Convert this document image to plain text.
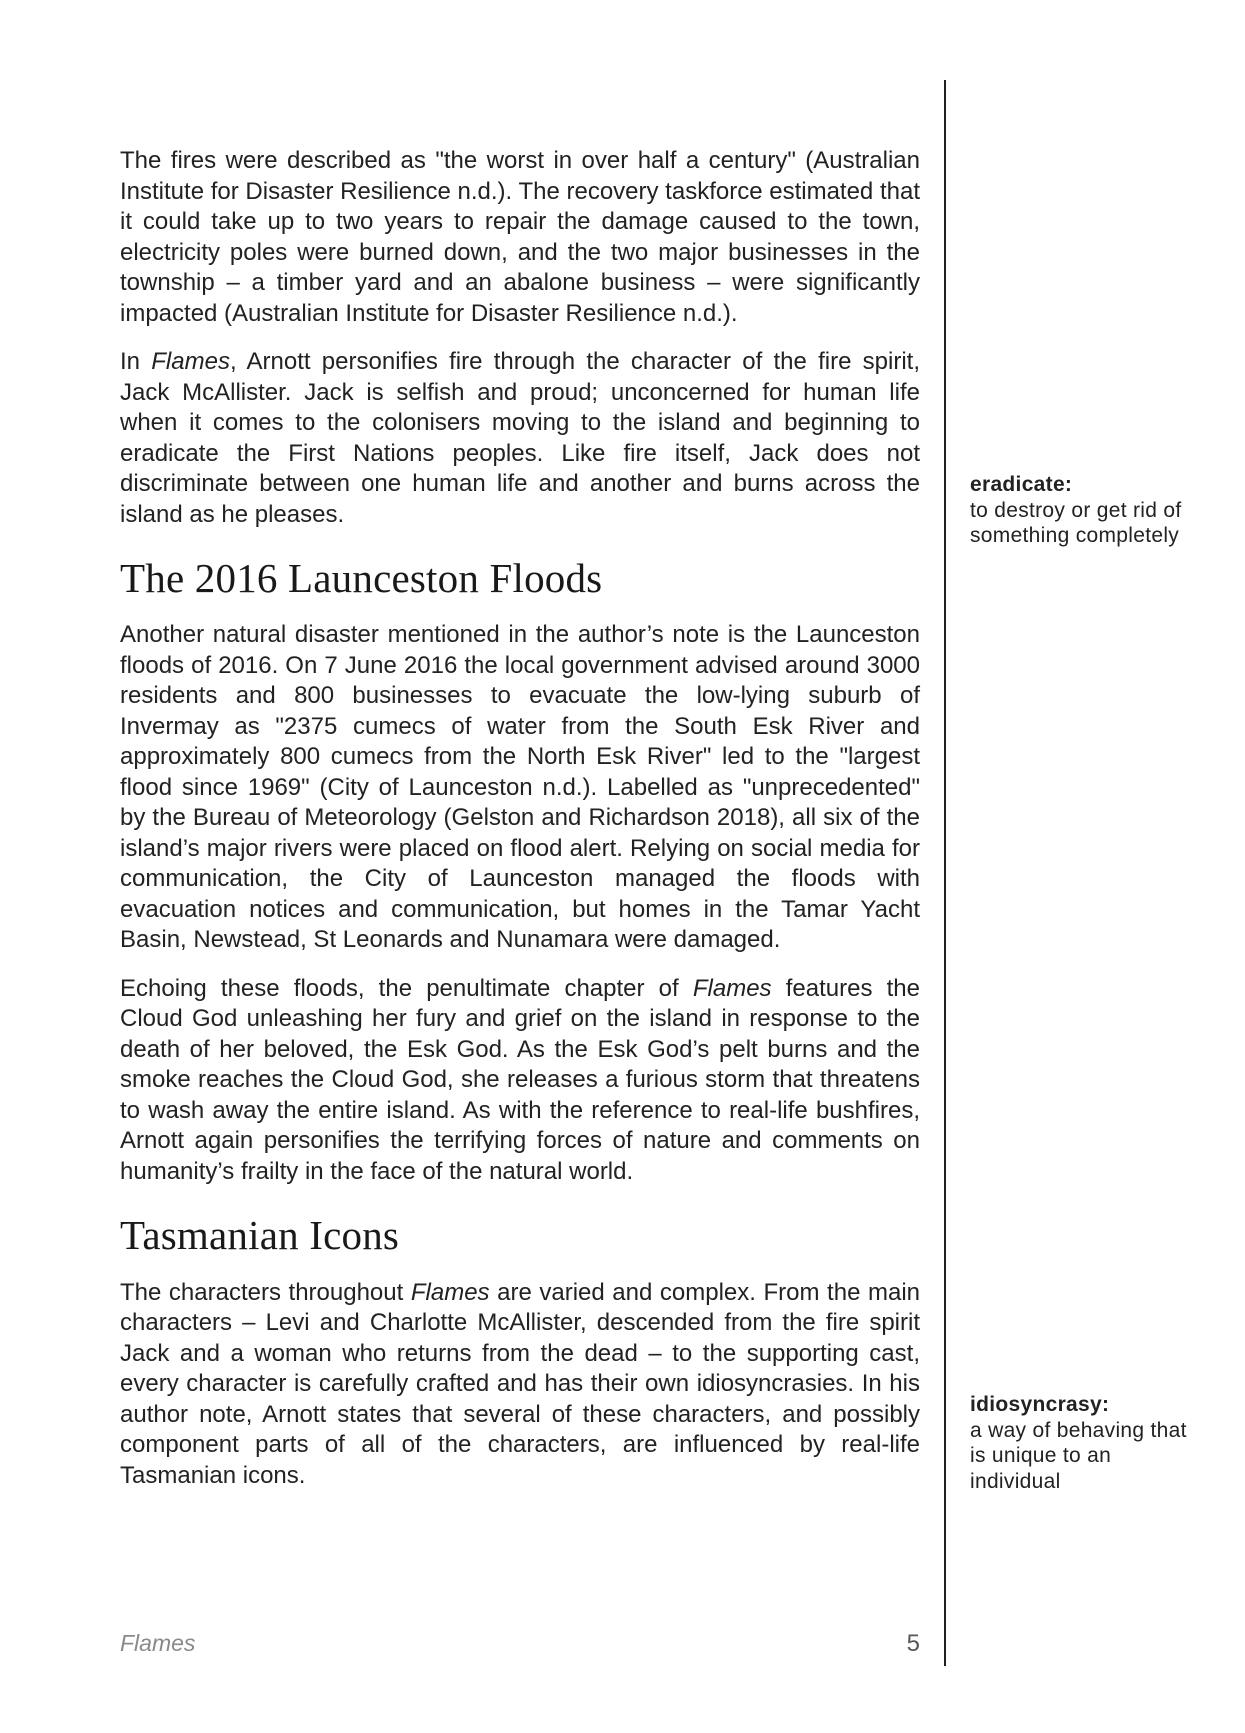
The fires were described as "the worst in over half a century" (Australian Institute for Disaster Resilience n.d.). The recovery taskforce estimated that it could take up to two years to repair the damage caused to the town, electricity poles were burned down, and the two major businesses in the township – a timber yard and an abalone business – were significantly impacted (Australian Institute for Disaster Resilience n.d.).

In Flames, Arnott personifies fire through the character of the fire spirit, Jack McAllister. Jack is selfish and proud; unconcerned for human life when it comes to the colonisers moving to the island and beginning to eradicate the First Nations peoples. Like fire itself, Jack does not discriminate between one human life and another and burns across the island as he pleases.

The 2016 Launceston Floods

Another natural disaster mentioned in the author’s note is the Launceston floods of 2016. On 7 June 2016 the local government advised around 3000 residents and 800 businesses to evacuate the low-lying suburb of Invermay as "2375 cumecs of water from the South Esk River and approximately 800 cumecs from the North Esk River" led to the "largest flood since 1969" (City of Launceston n.d.). Labelled as "unprecedented" by the Bureau of Meteorology (Gelston and Richardson 2018), all six of the island’s major rivers were placed on flood alert. Relying on social media for communication, the City of Launceston managed the floods with evacuation notices and communication, but homes in the Tamar Yacht Basin, Newstead, St Leonards and Nunamara were damaged.

Echoing these floods, the penultimate chapter of Flames features the Cloud God unleashing her fury and grief on the island in response to the death of her beloved, the Esk God. As the Esk God’s pelt burns and the smoke reaches the Cloud God, she releases a furious storm that threatens to wash away the entire island. As with the reference to real-life bushfires, Arnott again personifies the terrifying forces of nature and comments on humanity’s frailty in the face of the natural world.

Tasmanian Icons

The characters throughout Flames are varied and complex. From the main characters – Levi and Charlotte McAllister, descended from the fire spirit Jack and a woman who returns from the dead – to the supporting cast, every character is carefully crafted and has their own idiosyncrasies. In his author note, Arnott states that several of these characters, and possibly component parts of all of the characters, are influenced by real-life Tasmanian icons.

eradicate:
to destroy or get rid of something completely
idiosyncrasy:
a way of behaving that is unique to an individual
Flames	5
